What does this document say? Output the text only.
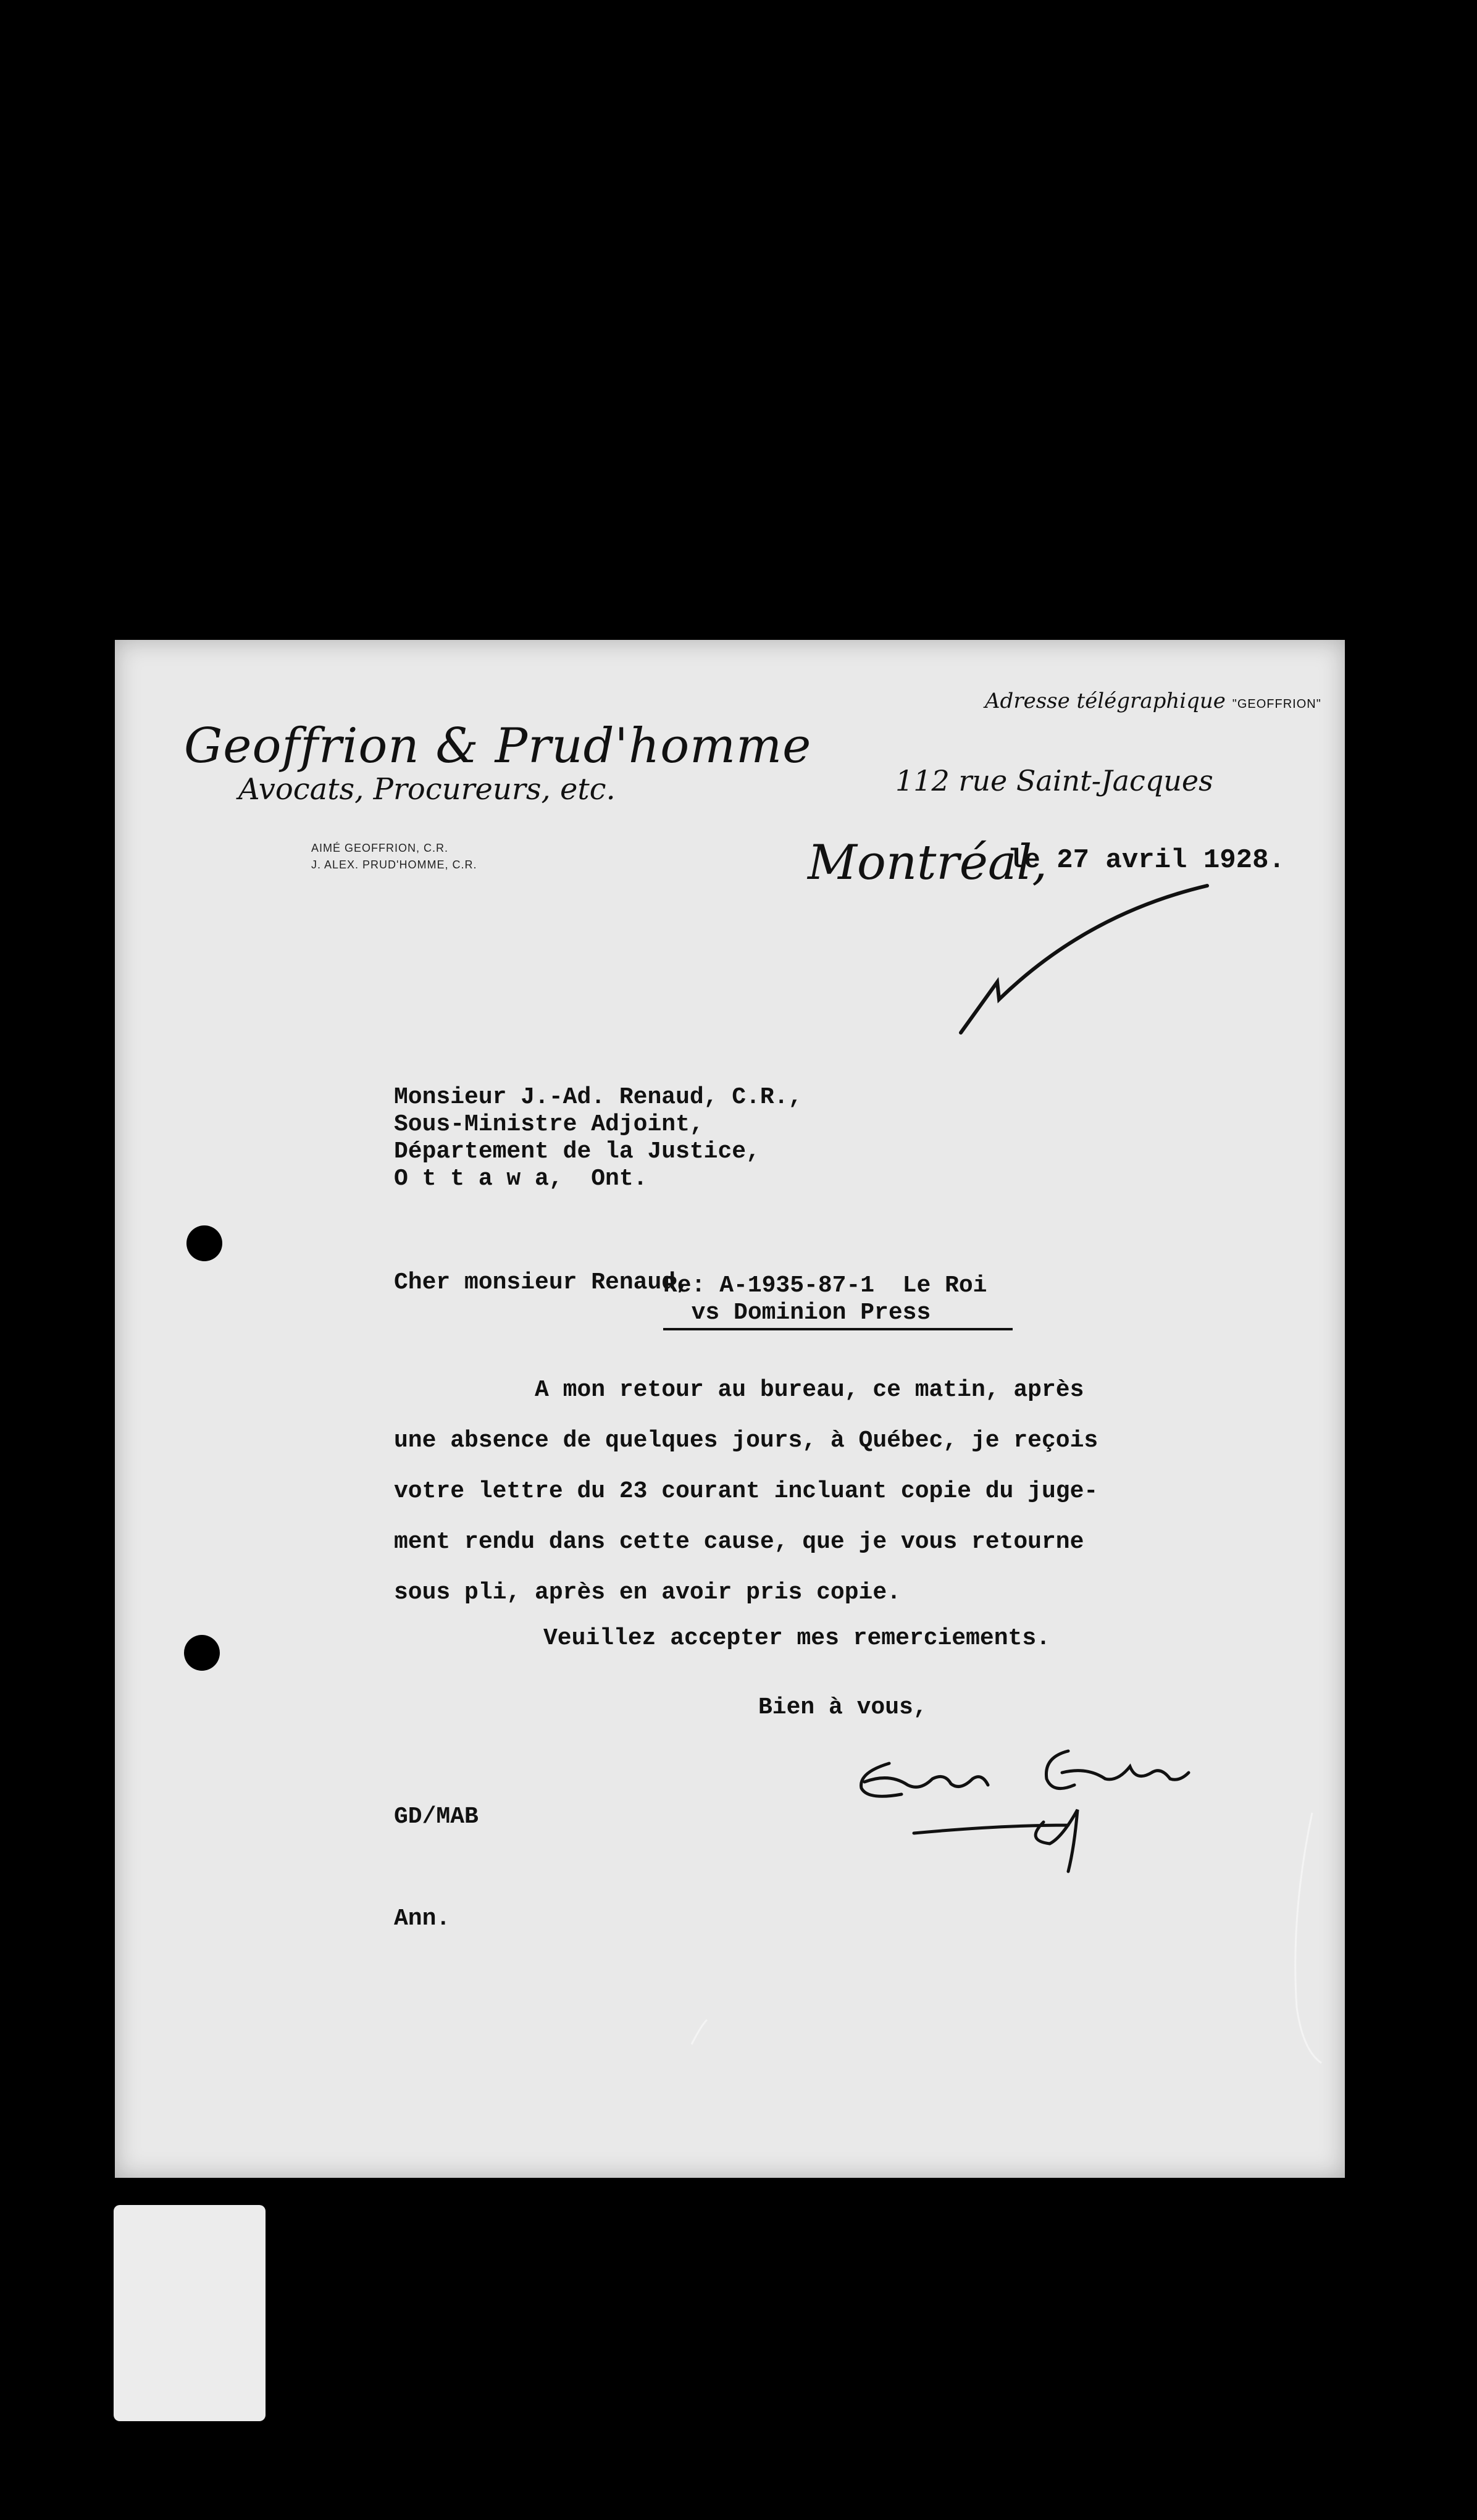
Geoffrion & Prud'homme
Avocats, Procureurs, etc.
AIMÉ GEOFFRION, C.R.
J. ALEX. PRUD'HOMME, C.R.
Adresse télégraphique "GEOFFRION"
112 rue Saint-Jacques
Montréal,
le 27 avril 1928.
Monsieur J.-Ad. Renaud, C.R.,
Sous-Ministre Adjoint,
Département de la Justice,
O t t a w a,  Ont.
Cher monsieur Renaud,
Re: A-1935-87-1  Le Roi
vs Dominion Press
A mon retour au bureau, ce matin, après
une absence de quelques jours, à Québec, je reçois
votre lettre du 23 courant incluant copie du juge-
ment rendu dans cette cause, que je vous retourne
sous pli, après en avoir pris copie.
Veuillez accepter mes remerciements.
Bien à vous,
GD/MAB
Ann.
